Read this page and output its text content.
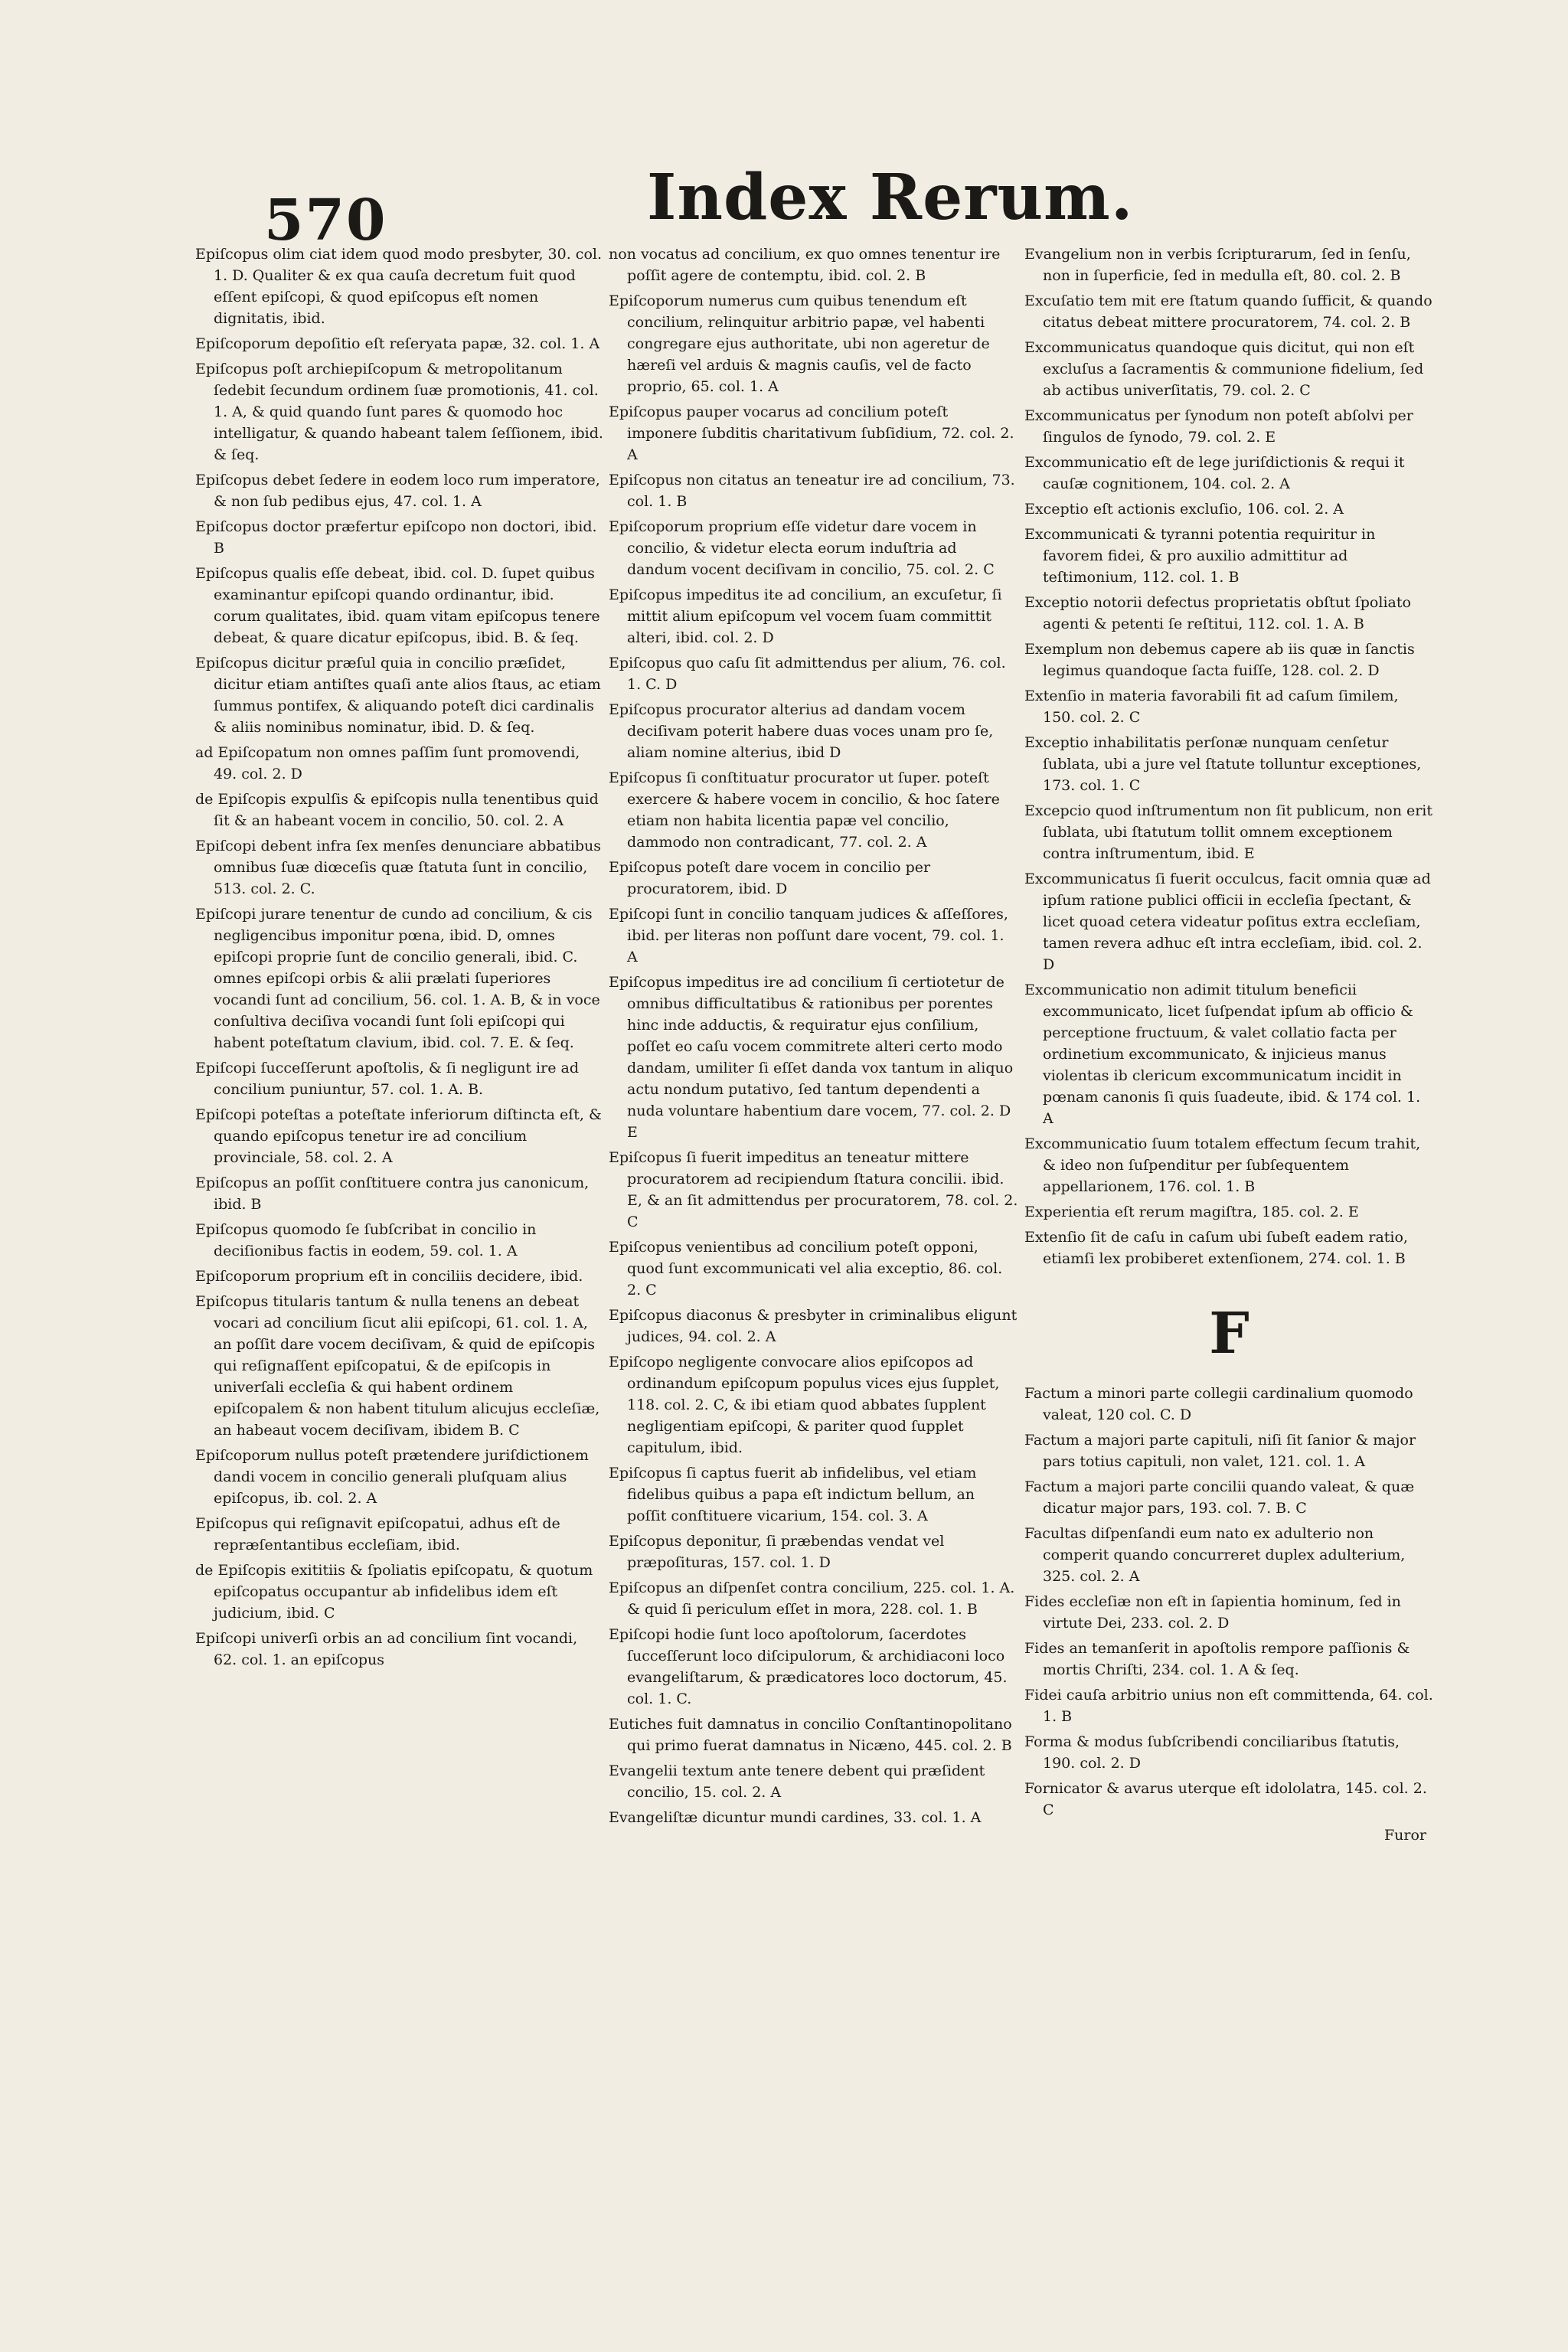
570	Index Rerum.

Epiſcopus olim ciat idem quod modo presbyter, 30. col. 1. D. Qualiter & ex qua cauſa decretum fuit quod eſſent epiſcopi, & quod epiſcopus eſt nomen dignitatis, ibid.

Epiſcoporum depoſitio eſt reſeryata papæ, 32. col. 1. A

Epiſcopus poſt archiepiſcopum & metropolitanum ſedebit ſecundum ordinem ſuæ promotionis, 41. col. 1. A, & quid quando ſunt pares & quomodo hoc intelligatur, & quando habeant talem ſeſſionem, ibid. & ſeq.

Epiſcopus debet ſedere in eodem loco rum imperatore, & non ſub pedibus ejus, 47. col. 1. A

Epiſcopus doctor præfertur epiſcopo non doctori, ibid. B

Epiſcopus qualis eſſe debeat, ibid. col. D. ſupet quibus examinantur epiſcopi quando ordinantur, ibid. corum qualitates, ibid. quam vitam epiſcopus tenere debeat, & quare dicatur epiſcopus, ibid. B. & ſeq.

Epiſcopus dicitur præſul quia in concilio præſidet, dicitur etiam antiſtes quaſi ante alios ſtaus, ac etiam ſummus pontifex, & aliquando poteſt dici cardinalis & aliis nominibus nominatur, ibid. D. & ſeq.

ad Epiſcopatum non omnes paſſim ſunt promovendi, 49. col. 2. D

de Epiſcopis expulſis & epiſcopis nulla tenentibus quid ſit & an habeant vocem in concilio, 50. col. 2. A

Epiſcopi debent infra ſex menſes denunciare abbatibus omnibus ſuæ diœceſis quæ ſtatuta ſunt in concilio, 513. col. 2. C.

Epiſcopi jurare tenentur de cundo ad concilium, & cis negligencibus imponitur pœna, ibid. D, omnes epiſcopi proprie ſunt de concilio generali, ibid. C. omnes epiſcopi orbis & alii prælati ſuperiores vocandi ſunt ad concilium, 56. col. 1. A. B, & in voce conſultiva deciſiva vocandi ſunt ſoli epiſcopi qui habent poteſtatum clavium, ibid. col. 7. E. & ſeq.

Epiſcopi ſucceſſerunt apoſtolis, & ſi negligunt ire ad concilium puniuntur, 57. col. 1. A. B.

Epiſcopi poteſtas a poteſtate inferiorum diſtincta eſt, & quando epiſcopus tenetur ire ad concilium provinciale, 58. col. 2. A

Epiſcopus an poſſit conſtituere contra jus canonicum, ibid. B

Epiſcopus quomodo ſe ſubſcribat in concilio in deciſionibus factis in eodem, 59. col. 1. A

Epiſcoporum proprium eſt in conciliis decidere, ibid.

Epiſcopus titularis tantum & nulla tenens an debeat vocari ad concilium ſicut alii epiſcopi, 61. col. 1. A, an poſſit dare vocem deciſivam, & quid de epiſcopis qui reſignaſſent epiſcopatui, & de epiſcopis in univerſali eccleſia & qui habent ordinem epiſcopalem & non habent titulum alicujus eccleſiæ, an habeaut vocem deciſivam, ibidem B. C

Epiſcoporum nullus poteſt prætendere juriſdictionem dandi vocem in concilio generali pluſquam alius epiſcopus, ib. col. 2. A

Epiſcopus qui reſignavit epiſcopatui, adhus eſt de repræſentantibus eccleſiam, ibid.

de Epiſcopis exititiis & ſpoliatis epiſcopatu, & quotum epiſcopatus occupantur ab infidelibus idem eſt judicium, ibid. C

Epiſcopi univerſi orbis an ad concilium ſint vocandi, 62. col. 1. an epiſcopus

non vocatus ad concilium, ex quo omnes tenentur ire poſſit agere de contemptu, ibid. col. 2. B

Epiſcoporum numerus cum quibus tenendum eſt concilium, relinquitur arbitrio papæ, vel habenti congregare ejus authoritate, ubi non ageretur de hæreſi vel arduis & magnis cauſis, vel de facto proprio, 65. col. 1. A

Epiſcopus pauper vocarus ad concilium poteſt imponere ſubditis charitativum ſubſidium, 72. col. 2. A

Epiſcopus non citatus an teneatur ire ad concilium, 73. col. 1. B

Epiſcoporum proprium eſſe videtur dare vocem in concilio, & videtur electa eorum induſtria ad dandum vocent deciſivam in concilio, 75. col. 2. C

Epiſcopus impeditus ite ad concilium, an excuſetur, ſi mittit alium epiſcopum vel vocem ſuam committit alteri, ibid. col. 2. D

Epiſcopus quo caſu ſit admittendus per alium, 76. col. 1. C. D

Epiſcopus procurator alterius ad dandam vocem deciſivam poterit habere duas voces unam pro ſe, aliam nomine alterius, ibid D

Epiſcopus ſi conſtituatur procurator ut ſuper. poteſt exercere & habere vocem in concilio, & hoc ſatere etiam non habita licentia papæ vel concilio, dammodo non contradicant, 77. col. 2. A

Epiſcopus poteſt dare vocem in concilio per procuratorem, ibid. D

Epiſcopi ſunt in concilio tanquam judices & aſſeſſores, ibid. per literas non poſſunt dare vocent, 79. col. 1. A

Epiſcopus impeditus ire ad concilium ſi certiotetur de omnibus difficultatibus & rationibus per porentes hinc inde adductis, & requiratur ejus conſilium, poſſet eo caſu vocem commitrete alteri certo modo dandam, umiliter ſi eſſet danda vox tantum in aliquo actu nondum putativo, ſed tantum dependenti a nuda voluntare habentium dare vocem, 77. col. 2. D E

Epiſcopus ſi fuerit impeditus an teneatur mittere procuratorem ad recipiendum ſtatura concilii. ibid. E, & an ſit admittendus per procuratorem, 78. col. 2. C

Epiſcopus venientibus ad concilium poteſt opponi, quod ſunt excommunicati vel alia exceptio, 86. col. 2. C

Epiſcopus diaconus & presbyter in criminalibus eligunt judices, 94. col. 2. A

Epiſcopo negligente convocare alios epiſcopos ad ordinandum epiſcopum populus vices ejus ſupplet, 118. col. 2. C, & ibi etiam quod abbates ſupplent negligentiam epiſcopi, & pariter quod ſupplet capitulum, ibid.

Epiſcopus ſi captus fuerit ab infidelibus, vel etiam fidelibus quibus a papa eſt indictum bellum, an poſſit conſtituere vicarium, 154. col. 3. A

Epiſcopus deponitur, ſi præbendas vendat vel præpoſituras, 157. col. 1. D

Epiſcopus an diſpenſet contra concilium, 225. col. 1. A. & quid ſi periculum eſſet in mora, 228. col. 1. B

Epiſcopi hodie ſunt loco apoſtolorum, ſacerdotes ſucceſſerunt loco diſcipulorum, & archidiaconi loco evangeliſtarum, & prædicatores loco doctorum, 45. col. 1. C.

Eutiches fuit damnatus in concilio Conſtantinopolitano qui primo fuerat damnatus in Nicæno, 445. col. 2. B

Evangelii textum ante tenere debent qui præſident concilio, 15. col. 2. A

Evangeliſtæ dicuntur mundi cardines, 33. col. 1. A

Evangelium non in verbis ſcripturarum, ſed in ſenſu, non in ſuperficie, ſed in medulla eſt, 80. col. 2. B

Excuſatio tem mit ere ſtatum quando ſufficit, & quando citatus debeat mittere procuratorem, 74. col. 2. B

Excommunicatus quandoque quis dicitut, qui non eſt excluſus a ſacramentis & communione fidelium, ſed ab actibus univerſitatis, 79. col. 2. C

Excommunicatus per ſynodum non poteſt abſolvi per ſingulos de ſynodo, 79. col. 2. E

Excommunicatio eſt de lege juriſdictionis & requi it cauſæ cognitionem, 104. col. 2. A

Exceptio eſt actionis excluſio, 106. col. 2. A

Excommunicati & tyranni potentia requiritur in favorem fidei, & pro auxilio admittitur ad teſtimonium, 112. col. 1. B

Exceptio notorii defectus proprietatis obſtut ſpoliato agenti & petenti ſe reſtitui, 112. col. 1. A. B

Exemplum non debemus capere ab iis quæ in ſanctis legimus quandoque ſacta fuiſſe, 128. col. 2. D

Extenſio in materia favorabili fit ad caſum ſimilem, 150. col. 2. C

Exceptio inhabilitatis perſonæ nunquam cenſetur ſublata, ubi a jure vel ſtatute tolluntur exceptiones, 173. col. 1. C

Excepcio quod inſtrumentum non ſit publicum, non erit ſublata, ubi ſtatutum tollit omnem exceptionem contra inſtrumentum, ibid. E

Excommunicatus ſi fuerit occulcus, facit omnia quæ ad ipſum ratione publici officii in eccleſia ſpectant, & licet quoad cetera videatur poſitus extra eccleſiam, tamen revera adhuc eſt intra eccleſiam, ibid. col. 2. D

Excommunicatio non adimit titulum beneficii excommunicato, licet ſuſpendat ipſum ab officio & perceptione fructuum, & valet collatio facta per ordinetium excommunicato, & injicieus manus violentas ib clericum excommunicatum incidit in pœnam canonis ſi quis ſuadeute, ibid. & 174 col. 1. A

Excommunicatio ſuum totalem effectum ſecum trahit, & ideo non ſuſpenditur per ſubſequentem appellarionem, 176. col. 1. B

Experientia eſt rerum magiſtra, 185. col. 2. E

Extenſio ſit de caſu in caſum ubi ſubeſt eadem ratio, etiamſi lex probiberet extenſionem, 274. col. 1. B

F

Factum a minori parte collegii cardinalium quomodo valeat, 120 col. C. D

Factum a majori parte capituli, niſi ſit ſanior & major pars totius capituli, non valet, 121. col. 1. A

Factum a majori parte concilii quando valeat, & quæ dicatur major pars, 193. col. 7. B. C

Facultas diſpenſandi eum nato ex adulterio non comperit quando concurreret duplex adulterium, 325. col. 2. A

Fides eccleſiæ non eſt in ſapientia hominum, ſed in virtute Dei, 233. col. 2. D

Fides an temanſerit in apoſtolis rempore paſſionis & mortis Chriſti, 234. col. 1. A & ſeq.

Fidei cauſa arbitrio unius non eſt committenda, 64. col. 1. B

Forma & modus ſubſcribendi conciliaribus ſtatutis, 190. col. 2. D

Fornicator & avarus uterque eſt idololatra, 145. col. 2. C

Furor
